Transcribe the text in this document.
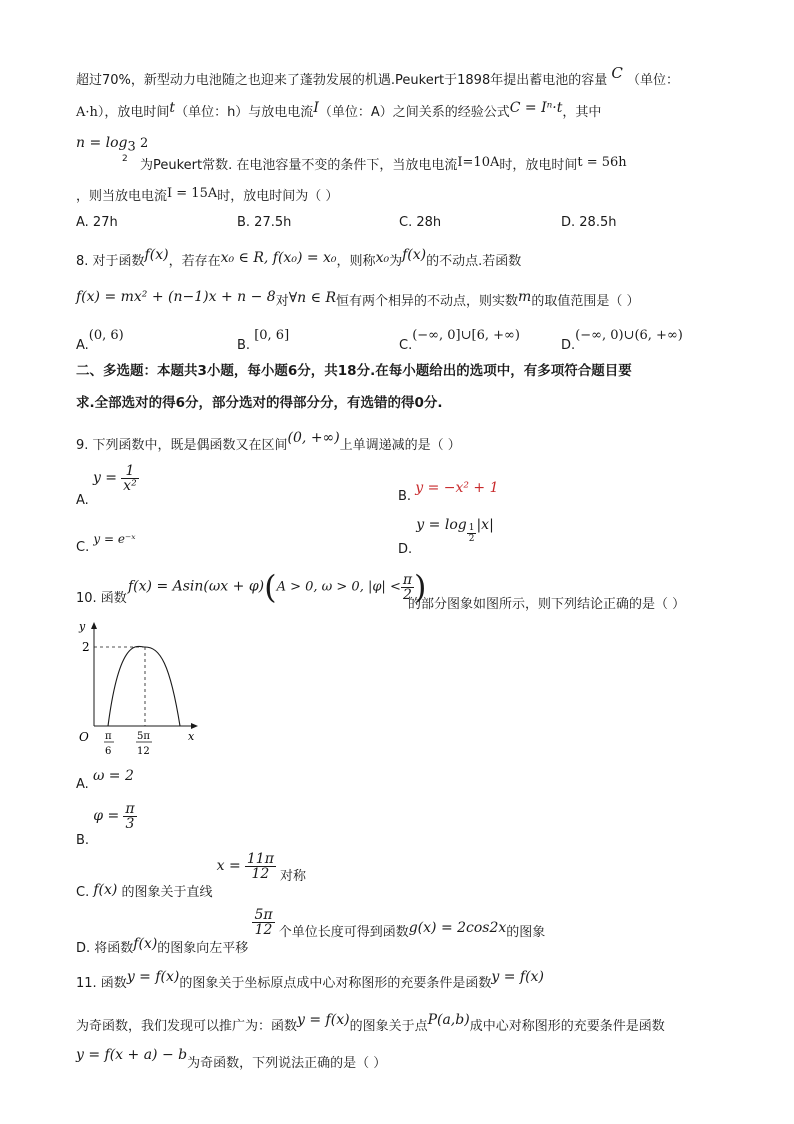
超过70%，新型动力电池随之也迎来了蓬勃发展的机遇.Peukert于1898年提出蓄电池的容量 C （单位：
A·h），放电时间t（单位：h）与放电电流I（单位：A）之间关系的经验公式C = Iⁿ·t，其中
$n = \log_3 2$
2 为Peukert常数. 在电池容量不变的条件下，当放电电流I=10A时，放电时间t = 56h
，则当放电电流I = 15A时，放电时间为（ ）
A. 27h	B. 27.5h	C. 28h	D. 28.5h
8. 对于函数f(x)，若存在x₀ ∈ R, f(x₀) = x₀，则称x₀为f(x)的不动点.若函数
f(x) = mx² + (n−1)x + n − 8对∀n ∈ R恒有两个相异的不动点，则实数m的取值范围是（ ）
A.(0, 6)
B. [0, 6]
C.(−∞, 0]∪[6, +∞)
D.(−∞, 0)∪(6, +∞)
二、多选题：本题共3小题，每小题6分，共18分.在每小题给出的选项中，有多项符合题目要
求.全部选对的得6分，部分选对的得部分分，有选错的得0分.
9. 下列函数中，既是偶函数又在区间(0, +∞)上单调递减的是（ ）
A. $y = \frac{1}{\text{x²}}$
B. y = −x² + 1
C. y = e⁻ˣ
D. $y = \log \frac{1}{2} |x|$
10. 函数
f(x) = Asin(ωx + φ)(A > 0, ω > 0, $|\varphi| < \frac{\pi}{2}$ )
的部分图象如图所示，则下列结论正确的是（ ）
y
x
O
2
π
6
5π
12
A. ω = 2
B. $\varphi = \frac{\pi}{3}$
C. f(x) 的图象关于直线 $x = \frac{11\pi}{12}$ 对称
D. 将函数f(x)的图象向左平移
$\frac{5\pi}{12}$ 个单位长度可得到函数g(x) = 2cos2x的图象
11. 函数y = f(x)的图象关于坐标原点成中心对称图形的充要条件是函数y = f(x)
为奇函数，我们发现可以推广为：函数y = f(x)的图象关于点P(a,b)成中心对称图形的充要条件是函数
y = f(x + a) − b为奇函数，下列说法正确的是（ ）
